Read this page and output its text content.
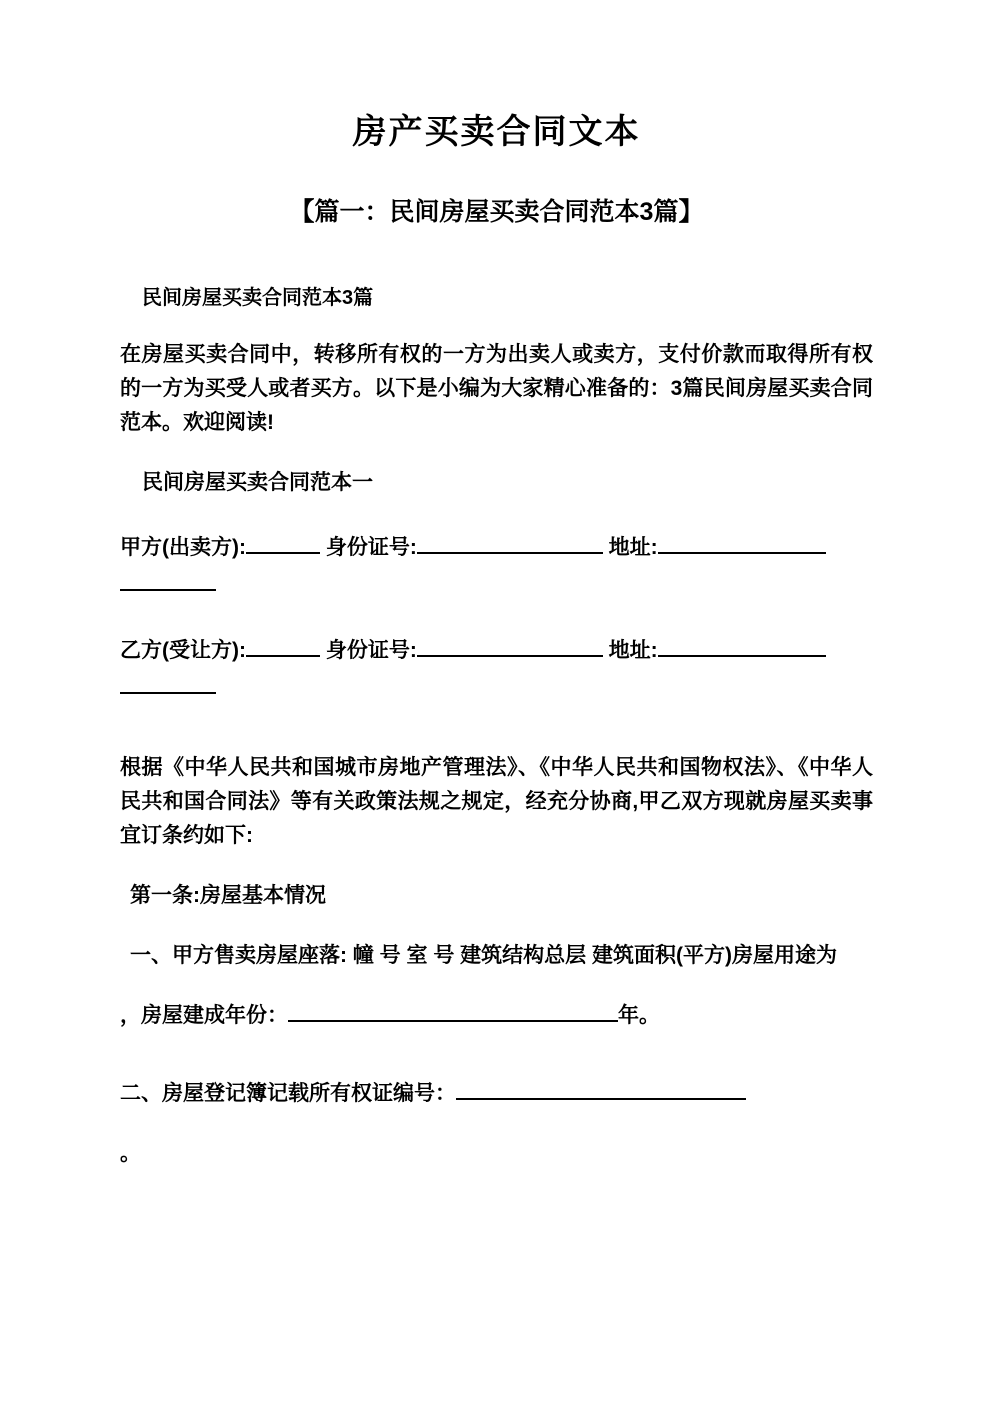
房产买卖合同文本
【篇一：民间房屋买卖合同范本3篇】
民间房屋买卖合同范本3篇

在房屋买卖合同中，转移所有权的一方为出卖人或卖方，支付价款而取得所有权的一方为买受人或者买方。以下是小编为大家精心准备的：3篇民间房屋买卖合同范本。欢迎阅读!

民间房屋买卖合同范本一

甲方(出卖方):	身份证号:	地址:
乙方(受让方):	身份证号:	地址:

根据《中华人民共和国城市房地产管理法》、《中华人民共和国物权法》、《中华人民共和国合同法》等有关政策法规之规定，经充分协商,甲乙双方现就房屋买卖事宜订条约如下:

第一条:房屋基本情况

一、甲方售卖房屋座落: 幢 号 室 号 建筑结构总层 建筑面积(平方)房屋用途为

，房屋建成年份：	年。

二、房屋登记簿记载所有权证编号：

。
